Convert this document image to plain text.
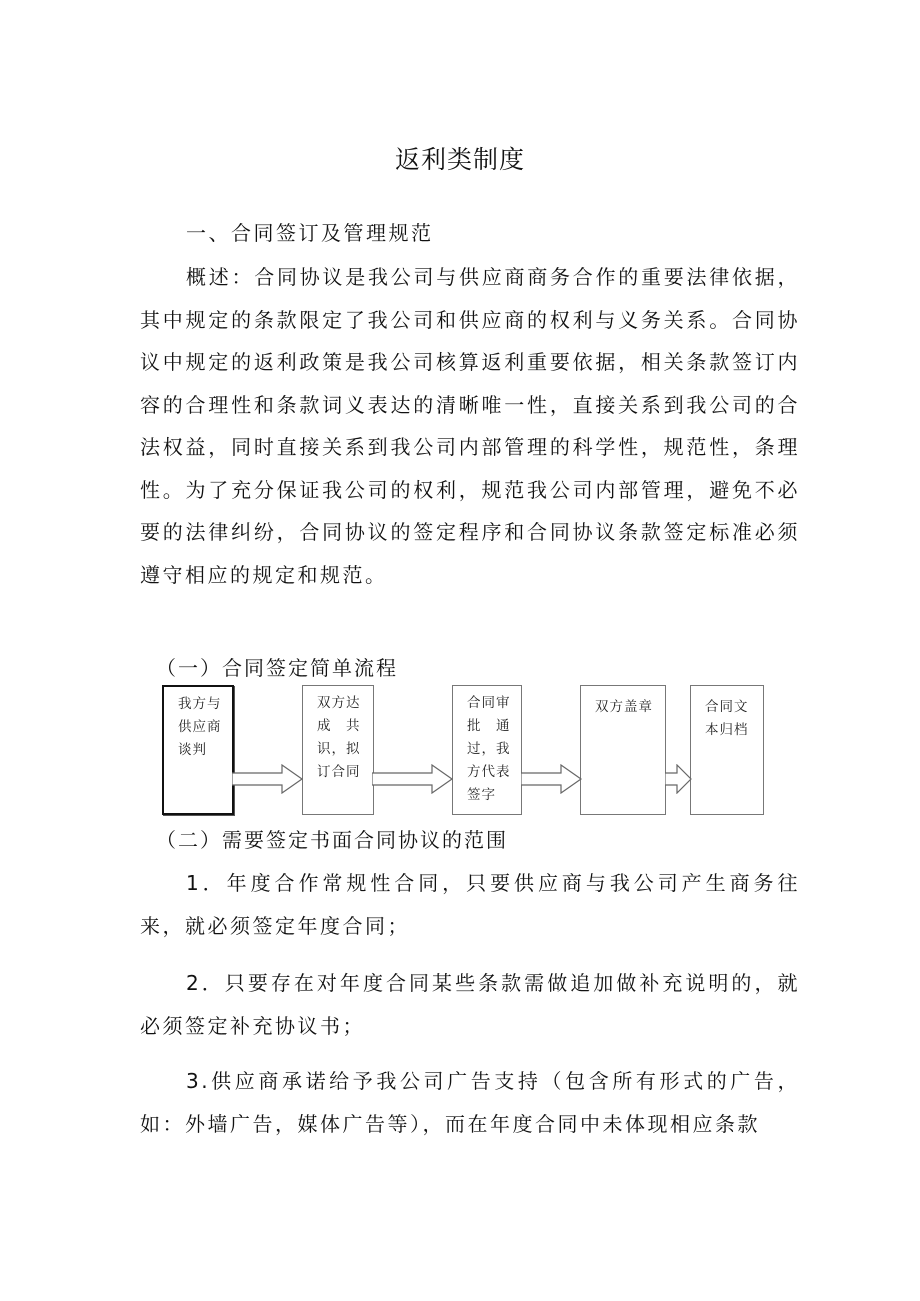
返利类制度
一、合同签订及管理规范
概述：合同协议是我公司与供应商商务合作的重要法律依据，其中规定的条款限定了我公司和供应商的权利与义务关系。合同协议中规定的返利政策是我公司核算返利重要依据，相关条款签订内容的合理性和条款词义表达的清晰唯一性，直接关系到我公司的合法权益，同时直接关系到我公司内部管理的科学性，规范性，条理性。为了充分保证我公司的权利，规范我公司内部管理，避免不必要的法律纠纷，合同协议的签定程序和合同协议条款签定标准必须遵守相应的规定和规范。
（一）合同签定简单流程
我方与供应商谈判
双方达成　共识，拟订合同
合同审批　通过，我方代表签字
双方盖章	合同文本归档
（二）需要签定书面合同协议的范围
1．年度合作常规性合同，只要供应商与我公司产生商务往来，就必须签定年度合同；
2．只要存在对年度合同某些条款需做追加做补充说明的，就必须签定补充协议书；
3.供应商承诺给予我公司广告支持（包含所有形式的广告，如：外墙广告，媒体广告等），而在年度合同中未体现相应条款
